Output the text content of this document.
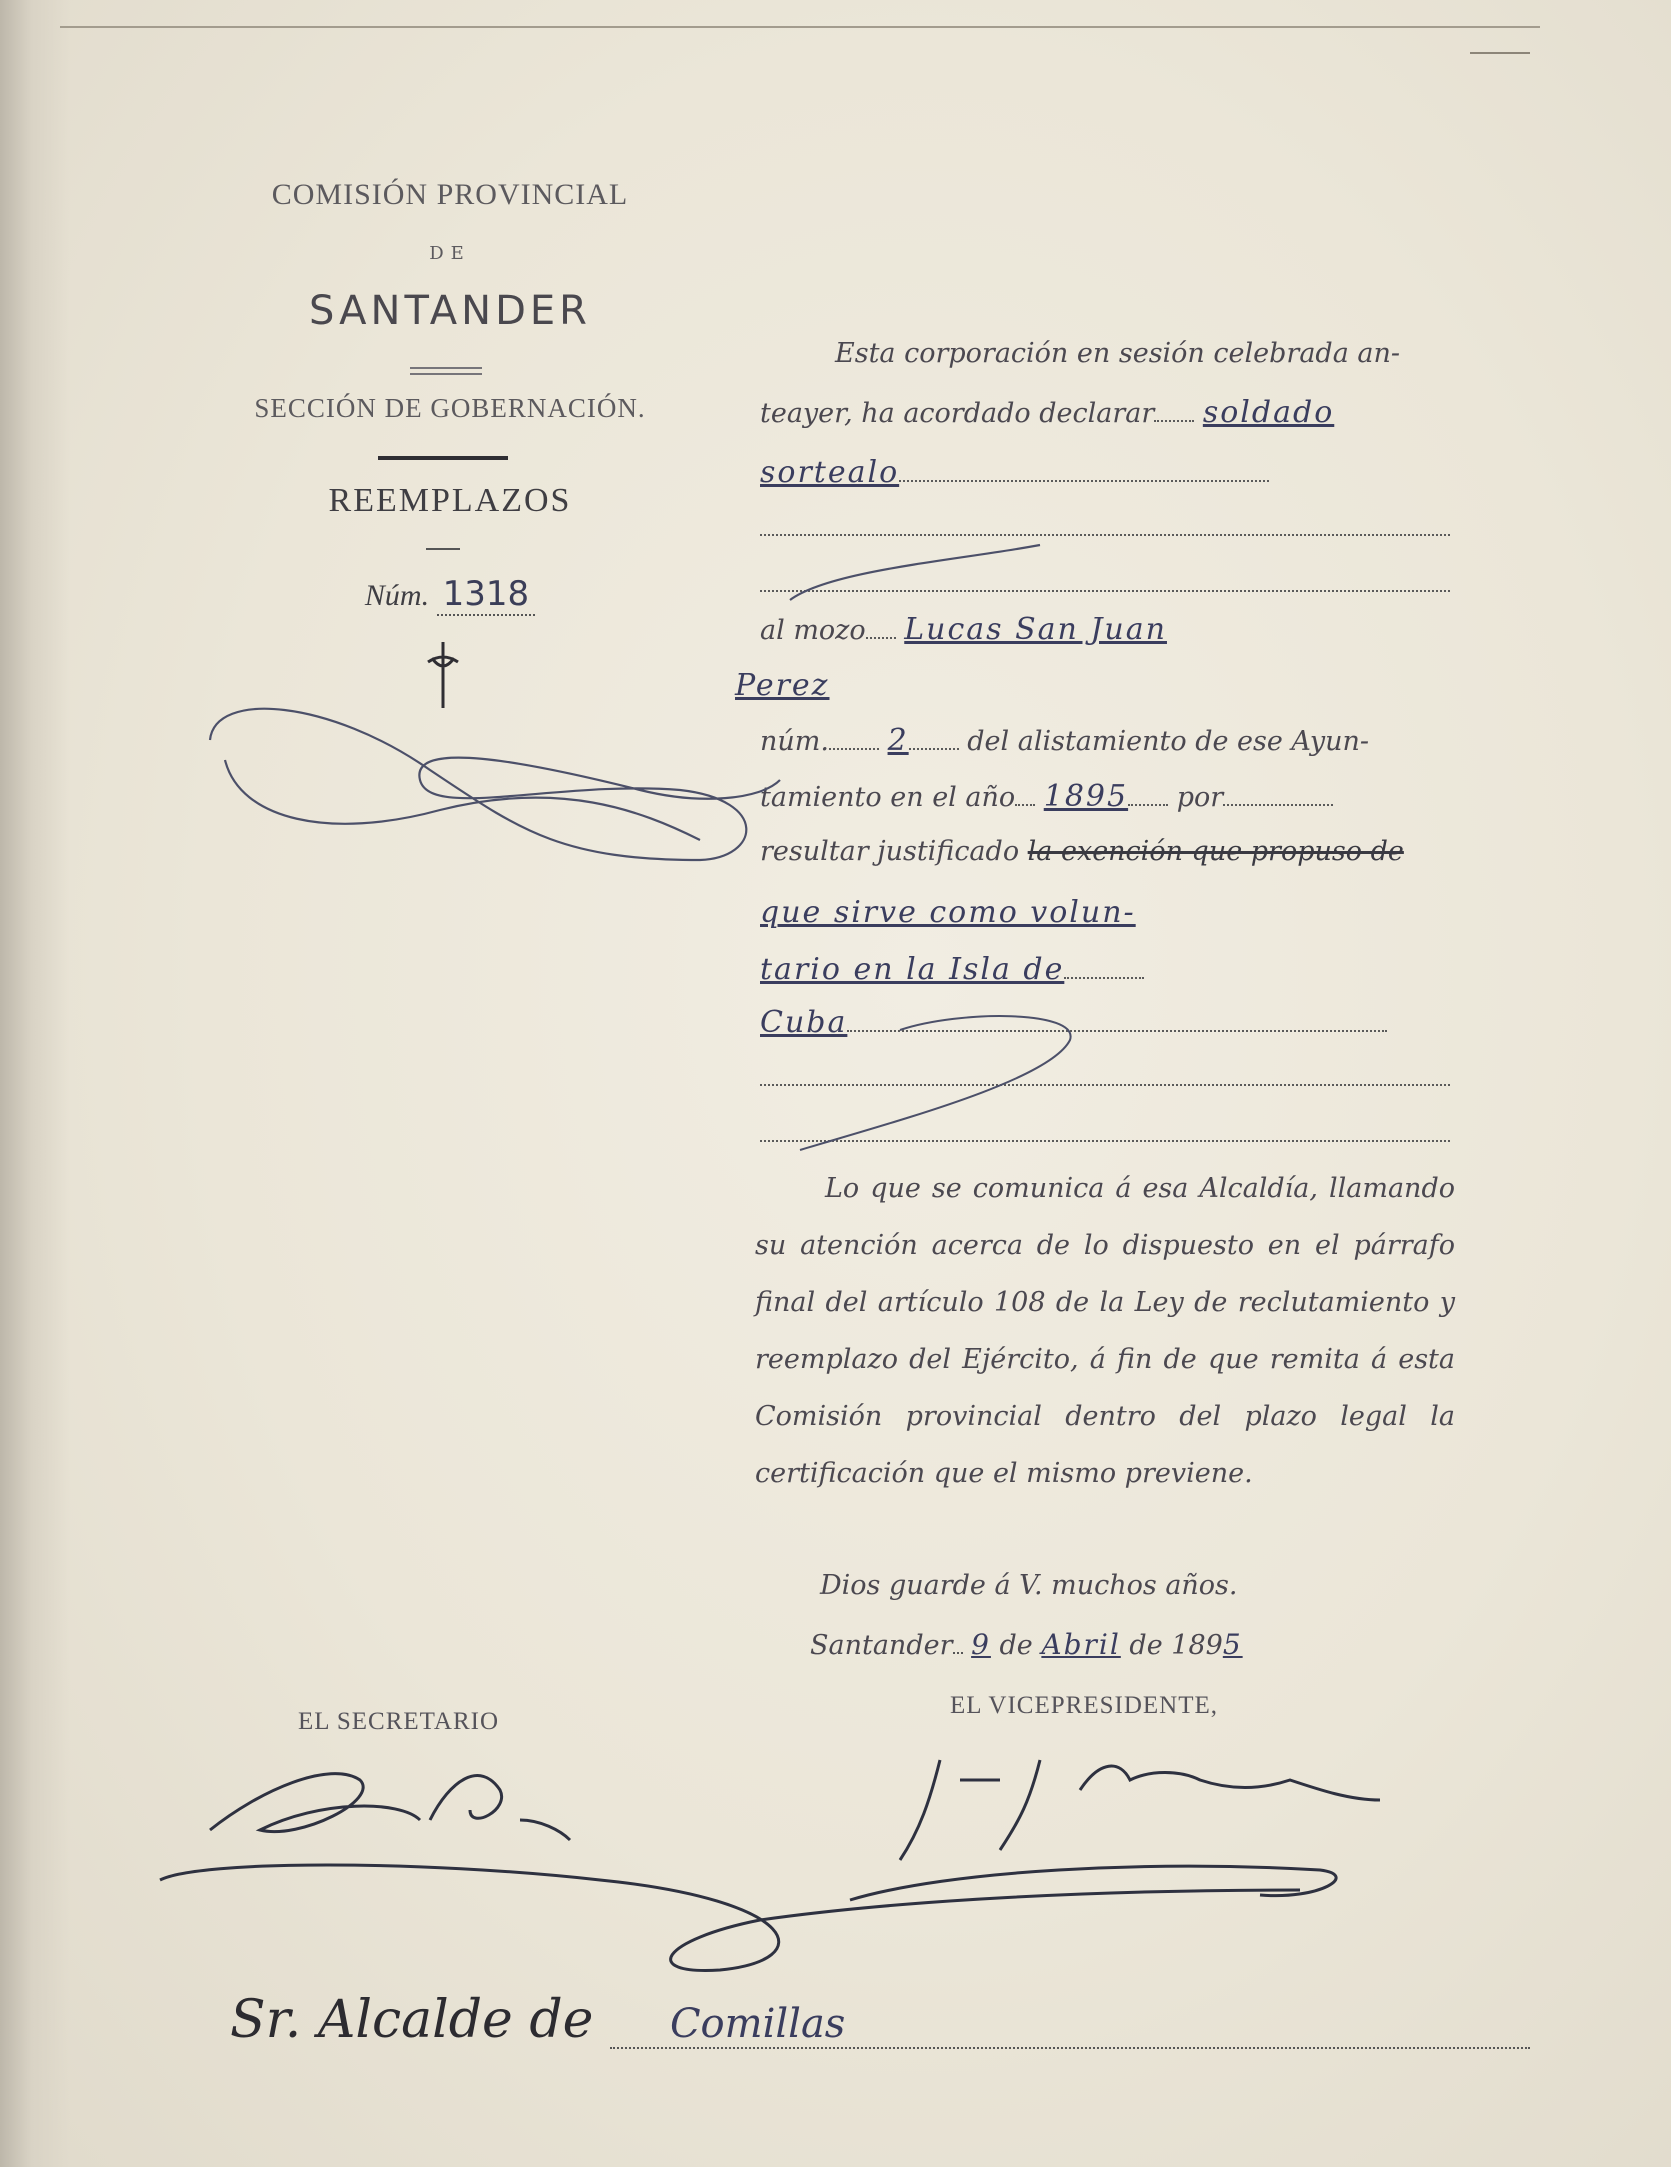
COMISIÓN PROVINCIAL
DE
SANTANDER
SECCIÓN DE GOBERNACIÓN.
REEMPLAZOS
Núm. 1318
Esta corporación en sesión celebrada an-
teayer, ha acordado declarar soldado
sortealo
al mozo Lucas San Juan
Perez
núm. 2 del alistamiento de ese Ayun-
tamiento en el año 1895 por
resultar justificado la exención que propuso de
que sirve como volun-
tario en la Isla de
Cuba

Lo que se comunica á esa Alcaldía, llamando su atención acerca de lo dispuesto en el párrafo final del artículo 108 de la Ley de reclutamiento y reemplazo del Ejército, á fin de que remita á esta Comisión provincial dentro del plazo legal la certificación que el mismo previene.

Dios guarde á V. muchos años.
Santander 9 de Abril de 1895
EL SECRETARIO
EL VICEPRESIDENTE,
Sr. Alcalde de Comillas
